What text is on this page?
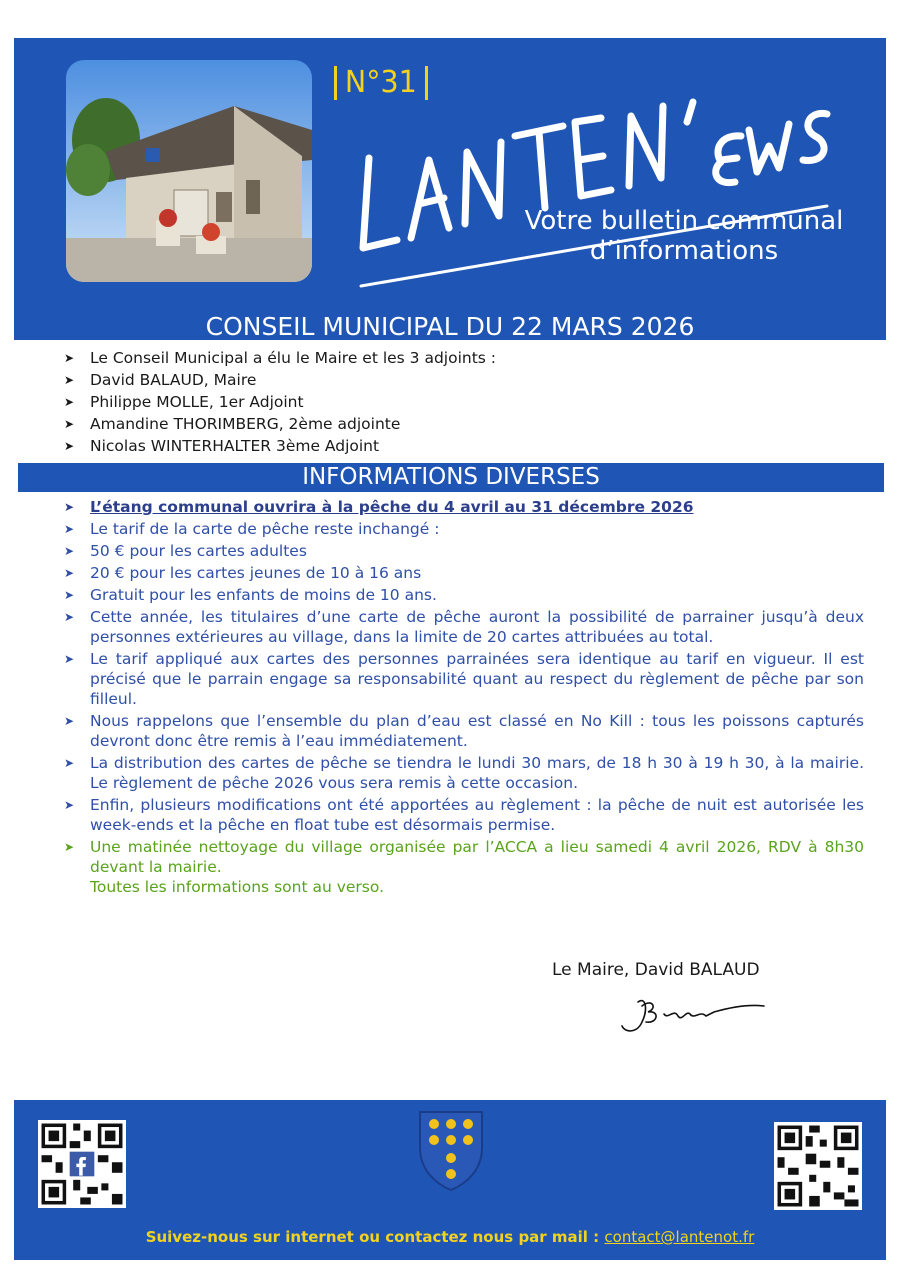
N°31
Votre bulletin communal
d’informations
CONSEIL MUNICIPAL DU 22 MARS 2026
➤ Le Conseil Municipal a élu le Maire et les 3 adjoints :
➤ David BALAUD, Maire
➤ Philippe MOLLE, 1er Adjoint
➤ Amandine THORIMBERG, 2ème adjointe
➤ Nicolas WINTERHALTER 3ème Adjoint
INFORMATIONS DIVERSES
➤ L’étang communal ouvrira à la pêche du 4 avril au 31 décembre 2026
➤ Le tarif de la carte de pêche reste inchangé :
➤ 50 € pour les cartes adultes
➤ 20 € pour les cartes jeunes de 10 à 16 ans
➤ Gratuit pour les enfants de moins de 10 ans.
➤ Cette année, les titulaires d’une carte de pêche auront la possibilité de parrainer jusqu’à deux personnes extérieures au village, dans la limite de 20 cartes attribuées au total.
➤ Le tarif appliqué aux cartes des personnes parrainées sera identique au tarif en vigueur. Il est précisé que le parrain engage sa responsabilité quant au respect du règlement de pêche par son filleul.
➤ Nous rappelons que l’ensemble du plan d’eau est classé en No Kill : tous les poissons capturés devront donc être remis à l’eau immédiatement.
➤ La distribution des cartes de pêche se tiendra le lundi 30 mars, de 18 h 30 à 19 h 30, à la mairie. Le règlement de pêche 2026 vous sera remis à cette occasion.
➤ Enfin, plusieurs modifications ont été apportées au règlement : la pêche de nuit est autorisée les week-ends et la pêche en float tube est désormais permise.
➤ Une matinée nettoyage du village organisée par l’ACCA a lieu samedi 4 avril 2026, RDV à 8h30 devant la mairie.
Toutes les informations sont au verso.
Le Maire, David BALAUD
Suivez-nous sur internet ou contactez nous par mail : contact@lantenot.fr
